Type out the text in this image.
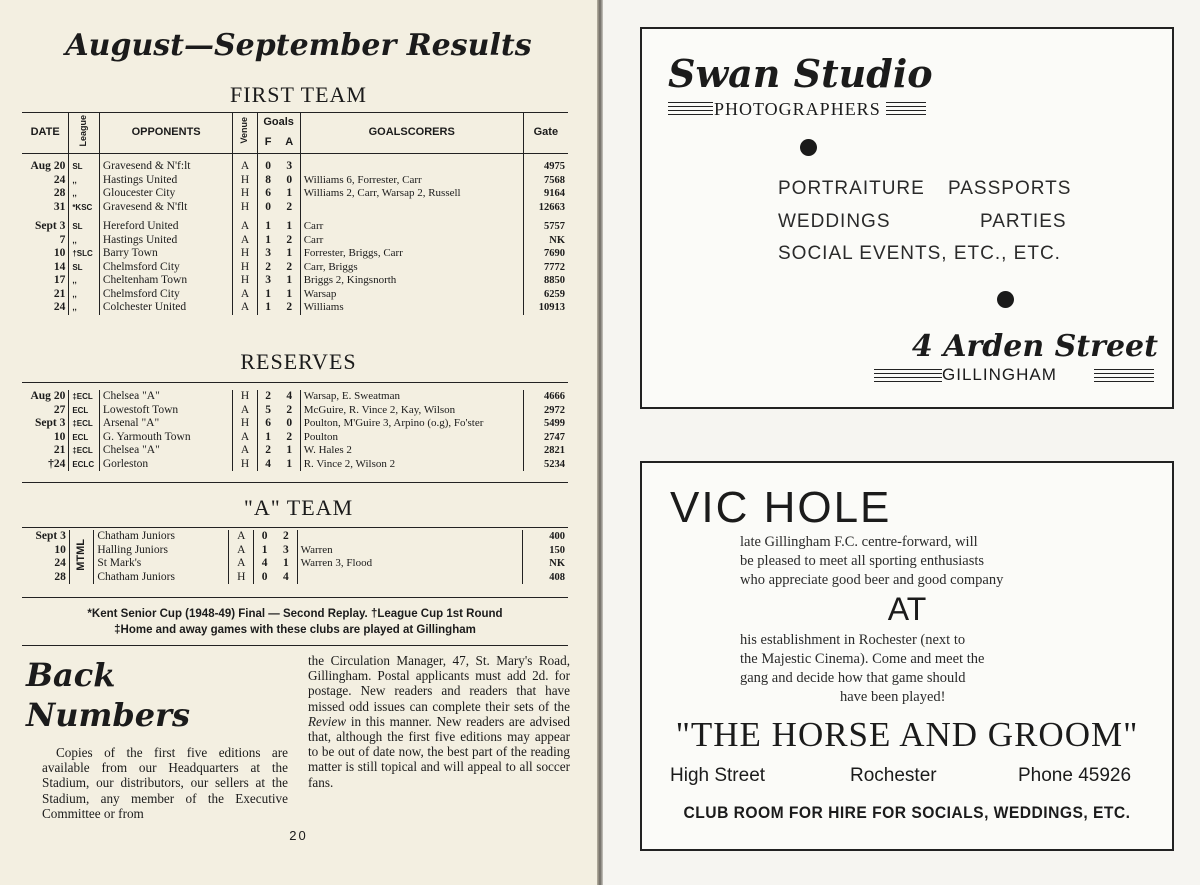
August—September Results
FIRST TEAM
DATE	League	OPPONENTS	Venue	Goals		GOALSCORERS	Gate
				F	A		

Aug 20	SL	Gravesend & N'f:lt	A	0	3		4975
24	,,	Hastings United	H	8	0	Williams 6, Forrester, Carr	7568
28	,,	Gloucester City	H	6	1	Williams 2, Carr, Warsap 2, Russell	9164
31	*KSC	Gravesend & N'flt	H	0	2		12663

Sept 3	SL	Hereford United	A	1	1	Carr	5757
7	,,	Hastings United	A	1	2	Carr	NK
10	†SLC	Barry Town	H	3	1	Forrester, Briggs, Carr	7690
14	SL	Chelmsford City	H	2	2	Carr, Briggs	7772
17	,,	Cheltenham Town	H	3	1	Briggs 2, Kingsnorth	8850
21	,,	Chelmsford City	A	1	1	Warsap	6259
24	,,	Colchester United	A	1	2	Williams	10913
RESERVES
Aug 20	‡ECL	Chelsea "A"	H	2	4	Warsap, E. Sweatman	4666
27	ECL	Lowestoft Town	A	5	2	McGuire, R. Vince 2, Kay, Wilson	2972
Sept 3	‡ECL	Arsenal "A"	H	6	0	Poulton, M'Guire 3, Arpino (o.g), Fo'ster	5499
10	ECL	G. Yarmouth Town	A	1	2	Poulton	2747
21	‡ECL	Chelsea "A"	A	2	1	W. Hales 2	2821
†24	ECLC	Gorleston	H	4	1	R. Vince 2, Wilson 2	5234
"A" TEAM
Sept 3	MTML	Chatham Juniors	A	0	2		400
10		Halling Juniors	A	1	3	Warren	150
24		St Mark's	A	4	1	Warren 3, Flood	NK
28		Chatham Juniors	H	0	4		408
*Kent Senior Cup (1948-49) Final — Second Replay. †League Cup 1st Round
‡Home and away games with these clubs are played at Gillingham
Back
Numbers
Copies of the first five editions are available from our Headquarters at the Stadium, our distributors, our sellers at the Stadium, any member of the Executive Committee or from
the Circulation Manager, 47, St. Mary's Road, Gillingham. Postal applicants must add 2d. for postage. New readers and readers that have missed odd issues can complete their sets of the Review in this manner. New readers are advised that, although the first five editions may appear to be out of date now, the best part of the reading matter is still topical and will appeal to all soccer fans.
20
Swan Studio
PHOTOGRAPHERS
PORTRAITURE PASSPORTS
WEDDINGS	PARTIES
SOCIAL EVENTS, ETC., ETC.
4 Arden Street
GILLINGHAM
VIC HOLE
late Gillingham F.C. centre-forward, will
be pleased to meet all sporting enthusiasts
who appreciate good beer and good company
AT
his establishment in Rochester (next to
the Majestic Cinema). Come and meet the
gang and decide how that game should
have been played!
"THE HORSE AND GROOM"
High Street	Rochester	Phone 45926
CLUB ROOM FOR HIRE FOR SOCIALS, WEDDINGS, ETC.
